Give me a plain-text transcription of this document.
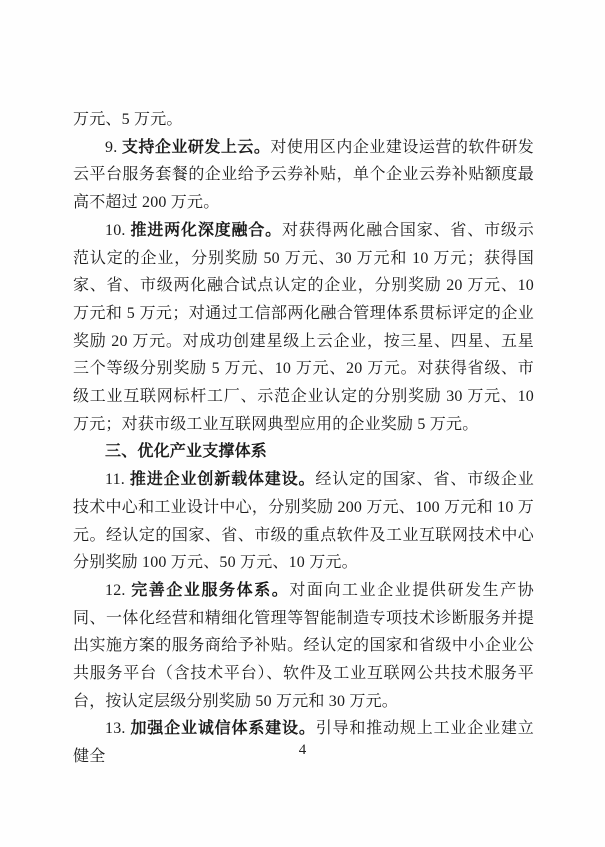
万元、5 万元。

9. 支持企业研发上云。对使用区内企业建设运营的软件研发云平台服务套餐的企业给予云券补贴，单个企业云券补贴额度最高不超过 200 万元。

10. 推进两化深度融合。对获得两化融合国家、省、市级示范认定的企业，分别奖励 50 万元、30 万元和 10 万元；获得国家、省、市级两化融合试点认定的企业，分别奖励 20 万元、10 万元和 5 万元；对通过工信部两化融合管理体系贯标评定的企业奖励 20 万元。对成功创建星级上云企业，按三星、四星、五星三个等级分别奖励 5 万元、10 万元、20 万元。对获得省级、市级工业互联网标杆工厂、示范企业认定的分别奖励 30 万元、10 万元；对获市级工业互联网典型应用的企业奖励 5 万元。

三、优化产业支撑体系

11. 推进企业创新载体建设。经认定的国家、省、市级企业技术中心和工业设计中心，分别奖励 200 万元、100 万元和 10 万元。经认定的国家、省、市级的重点软件及工业互联网技术中心分别奖励 100 万元、50 万元、10 万元。

12. 完善企业服务体系。对面向工业企业提供研发生产协同、一体化经营和精细化管理等智能制造专项技术诊断服务并提出实施方案的服务商给予补贴。经认定的国家和省级中小企业公共服务平台（含技术平台）、软件及工业互联网公共技术服务平台，按认定层级分别奖励 50 万元和 30 万元。

13. 加强企业诚信体系建设。引导和推动规上工业企业建立健全	4
